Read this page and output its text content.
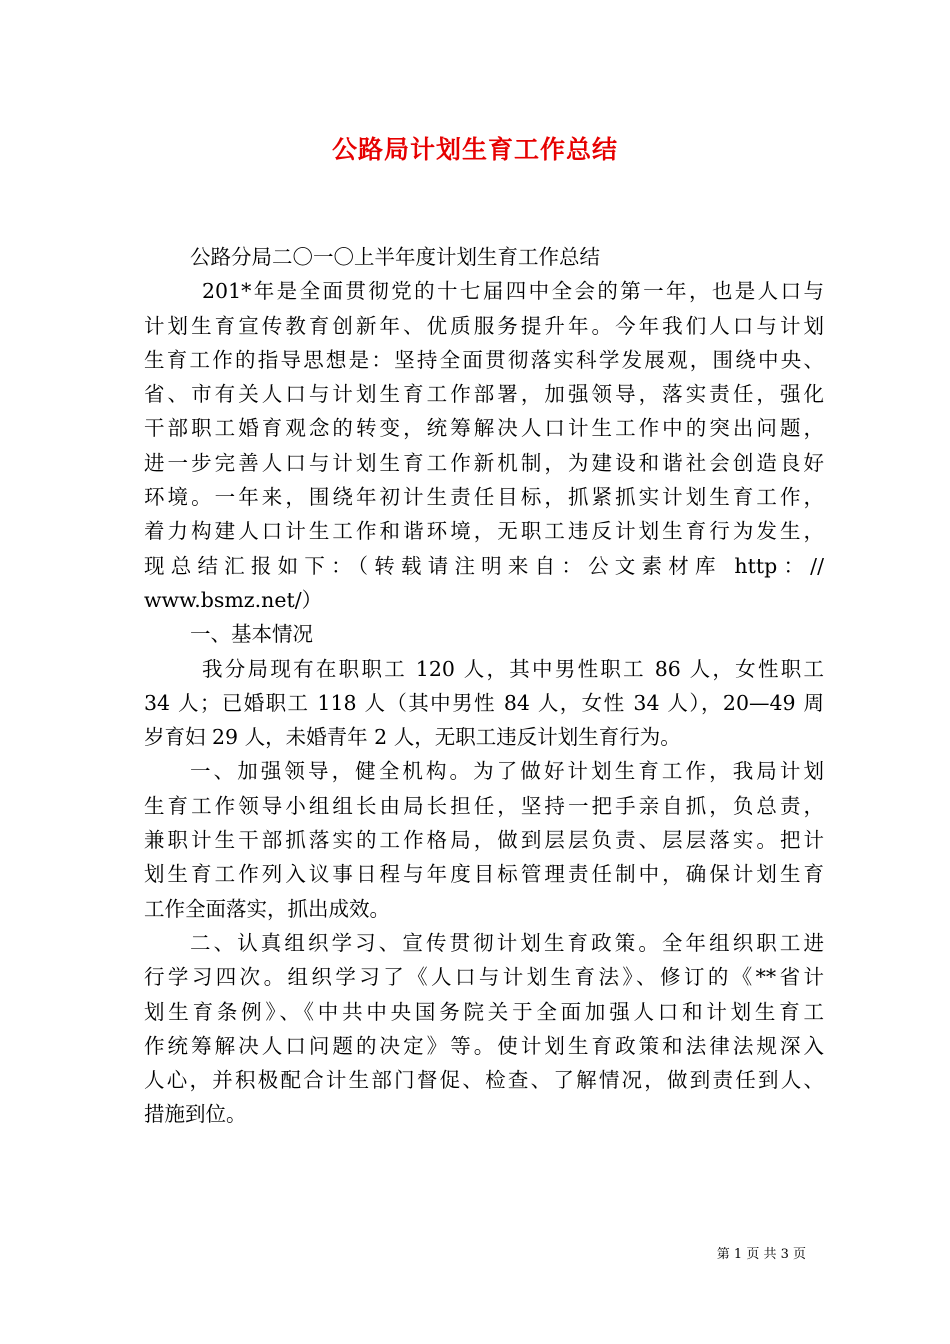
公路局计划生育工作总结
公路分局二〇一〇上半年度计划生育工作总结
201*年是全面贯彻党的十七届四中全会的第一年，也是人口与
计划生育宣传教育创新年、优质服务提升年。今年我们人口与计划
生育工作的指导思想是：坚持全面贯彻落实科学发展观，围绕中央、
省、市有关人口与计划生育工作部署，加强领导，落实责任，强化
干部职工婚育观念的转变，统筹解决人口计生工作中的突出问题，
进一步完善人口与计划生育工作新机制，为建设和谐社会创造良好
环境。一年来，围绕年初计生责任目标，抓紧抓实计划生育工作，
着力构建人口计生工作和谐环境，无职工违反计划生育行为发生，
现总结汇报如下：（转载请注明来自：公文素材库 http：//
www.bsmz.net/）
一、基本情况
我分局现有在职职工 120 人，其中男性职工 86 人，女性职工
34 人；已婚职工 118 人（其中男性 84 人，女性 34 人），20—49 周
岁育妇 29 人，未婚青年 2 人，无职工违反计划生育行为。
一、加强领导，健全机构。为了做好计划生育工作，我局计划
生育工作领导小组组长由局长担任，坚持一把手亲自抓，负总责，
兼职计生干部抓落实的工作格局，做到层层负责、层层落实。把计
划生育工作列入议事日程与年度目标管理责任制中，确保计划生育
工作全面落实，抓出成效。
二、认真组织学习、宣传贯彻计划生育政策。全年组织职工进
行学习四次。组织学习了《人口与计划生育法》、修订的《**省计
划生育条例》、《中共中央国务院关于全面加强人口和计划生育工
作统筹解决人口问题的决定》等。使计划生育政策和法律法规深入
人心，并积极配合计生部门督促、检查、了解情况，做到责任到人、
措施到位。
第 1 页 共 3 页
